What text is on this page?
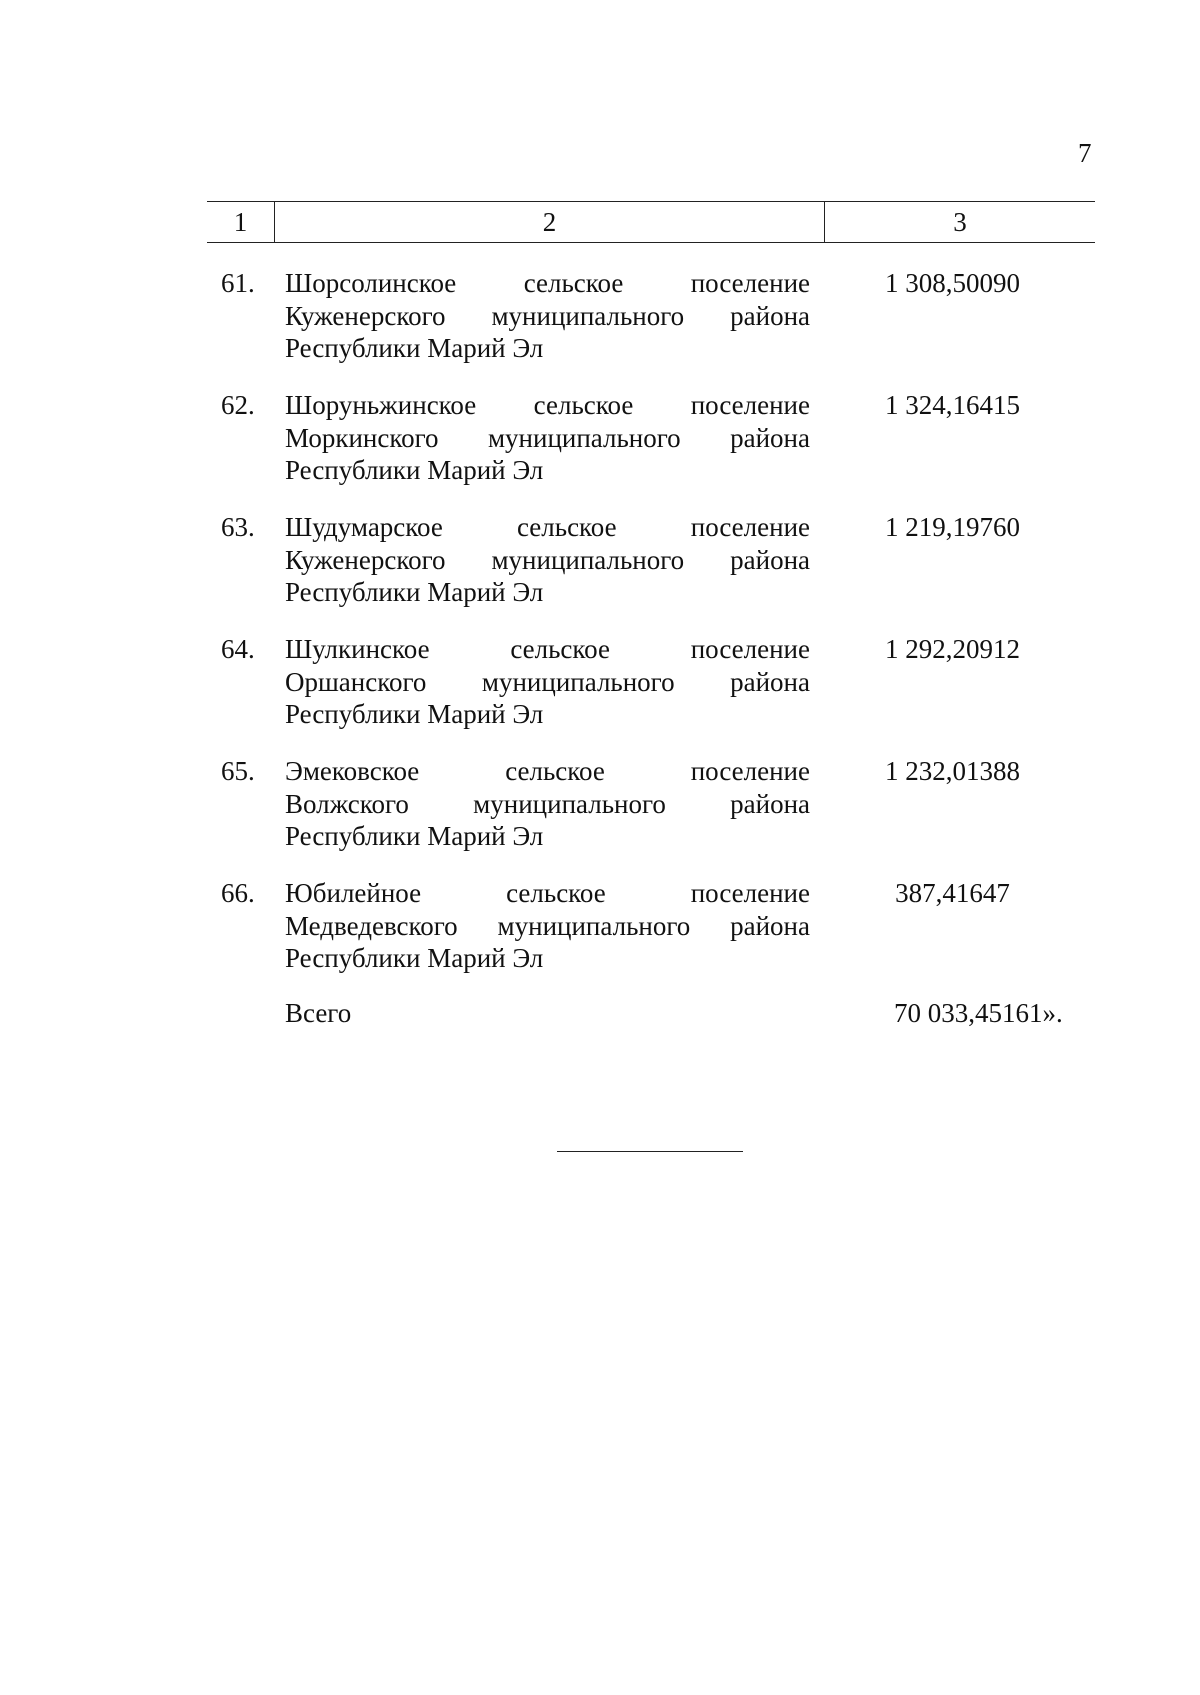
7
1	2	3
61.	Шорсолинское сельское поселение
Куженерского муниципального района
Республики Марий Эл
1 308,50090
62.	Шоруньжинское сельское поселение
Моркинского муниципального района
Республики Марий Эл
1 324,16415
63.	Шудумарское сельское поселение
Куженерского муниципального района
Республики Марий Эл
1 219,19760
64.	Шулкинское сельское поселение
Оршанского муниципального района
Республики Марий Эл
1 292,20912
65.	Эмековское сельское поселение
Волжского муниципального района
Республики Марий Эл
1 232,01388
66.	Юбилейное сельское поселение
Медведевского муниципального района
Республики Марий Эл
387,41647
Всего	70 033,45161».
